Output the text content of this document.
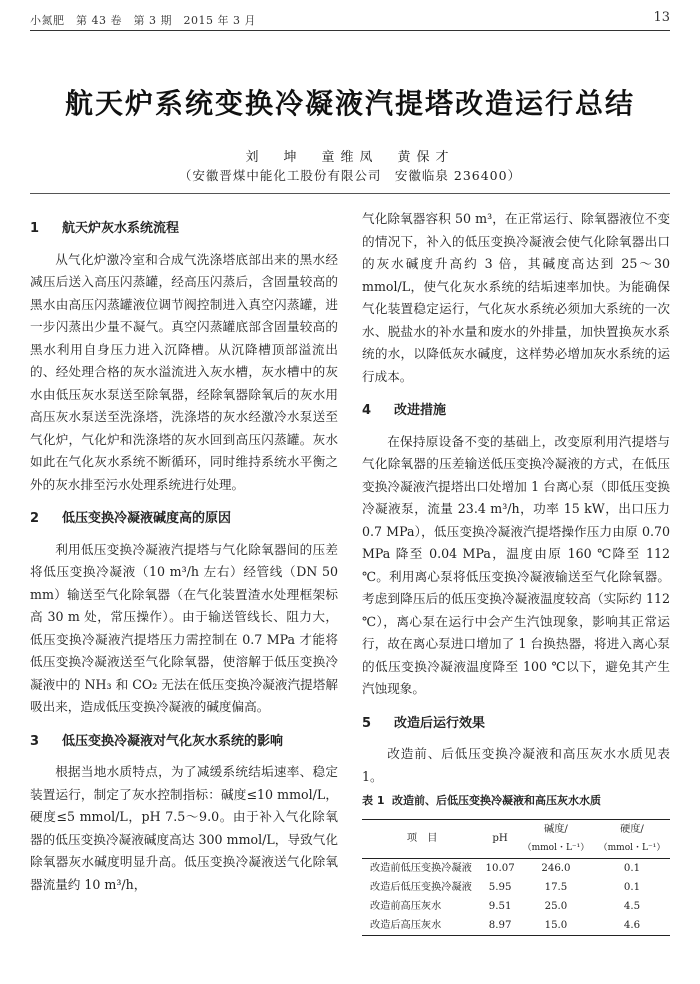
小氮肥　第 43 卷　第 3 期　2015 年 3 月	13
航天炉系统变换冷凝液汽提塔改造运行总结
刘　坤　童维凤　黄保才
（安徽晋煤中能化工股份有限公司　安徽临泉 236400）
1 航天炉灰水系统流程

从气化炉激冷室和合成气洗涤塔底部出来的黑水经减压后送入高压闪蒸罐，经高压闪蒸后，含固量较高的黑水由高压闪蒸罐液位调节阀控制进入真空闪蒸罐，进一步闪蒸出少量不凝气。真空闪蒸罐底部含固量较高的黑水利用自身压力进入沉降槽。从沉降槽顶部溢流出的、经处理合格的灰水溢流进入灰水槽，灰水槽中的灰水由低压灰水泵送至除氧器，经除氧器除氧后的灰水用高压灰水泵送至洗涤塔，洗涤塔的灰水经激冷水泵送至气化炉，气化炉和洗涤塔的灰水回到高压闪蒸罐。灰水如此在气化灰水系统不断循环，同时维持系统水平衡之外的灰水排至污水处理系统进行处理。

2 低压变换冷凝液碱度高的原因

利用低压变换冷凝液汽提塔与气化除氧器间的压差将低压变换冷凝液（10 m³/h 左右）经管线（DN 50 mm）输送至气化除氧器（在气化装置渣水处理框架标高 30 m 处，常压操作）。由于输送管线长、阻力大，低压变换冷凝液汽提塔压力需控制在 0.7 MPa 才能将低压变换冷凝液送至气化除氧器，使溶解于低压变换冷凝液中的 NH₃ 和 CO₂ 无法在低压变换冷凝液汽提塔解吸出来，造成低压变换冷凝液的碱度偏高。

3 低压变换冷凝液对气化灰水系统的影响

根据当地水质特点，为了减缓系统结垢速率、稳定装置运行，制定了灰水控制指标：碱度≤10 mmol/L，硬度≤5 mmol/L，pH 7.5～9.0。由于补入气化除氧器的低压变换冷凝液碱度高达 300 mmol/L，导致气化除氧器灰水碱度明显升高。低压变换冷凝液送气化除氧器流量约 10 m³/h，

气化除氧器容积 50 m³，在正常运行、除氧器液位不变的情况下，补入的低压变换冷凝液会使气化除氧器出口的灰水碱度升高约 3 倍，其碱度高达到 25～30 mmol/L，使气化灰水系统的结垢速率加快。为能确保气化装置稳定运行，气化灰水系统必须加大系统的一次水、脱盐水的补水量和废水的外排量，加快置换灰水系统的水，以降低灰水碱度，这样势必增加灰水系统的运行成本。

4 改进措施

在保持原设备不变的基础上，改变原利用汽提塔与气化除氧器的压差输送低压变换冷凝液的方式，在低压变换冷凝液汽提塔出口处增加 1 台离心泵（即低压变换冷凝液泵，流量 23.4 m³/h，功率 15 kW，出口压力 0.7 MPa），低压变换冷凝液汽提塔操作压力由原 0.70 MPa 降至 0.04 MPa，温度由原 160 ℃降至 112 ℃。利用离心泵将低压变换冷凝液输送至气化除氧器。考虑到降压后的低压变换冷凝液温度较高（实际约 112 ℃），离心泵在运行中会产生汽蚀现象，影响其正常运行，故在离心泵进口增加了 1 台换热器，将进入离心泵的低压变换冷凝液温度降至 100 ℃以下，避免其产生汽蚀现象。

5 改造后运行效果

改造前、后低压变换冷凝液和高压灰水水质见表 1。

表 1 改造前、后低压变换冷凝液和高压灰水水质
项　目	pH	碱度/	硬度/
		（mmol・L⁻¹）	（mmol・L⁻¹）
改造前低压变换冷凝液	10.07	246.0	0.1
改造后低压变换冷凝液	5.95	17.5	0.1
改造前高压灰水	9.51	25.0	4.5
改造后高压灰水	8.97	15.0	4.6
